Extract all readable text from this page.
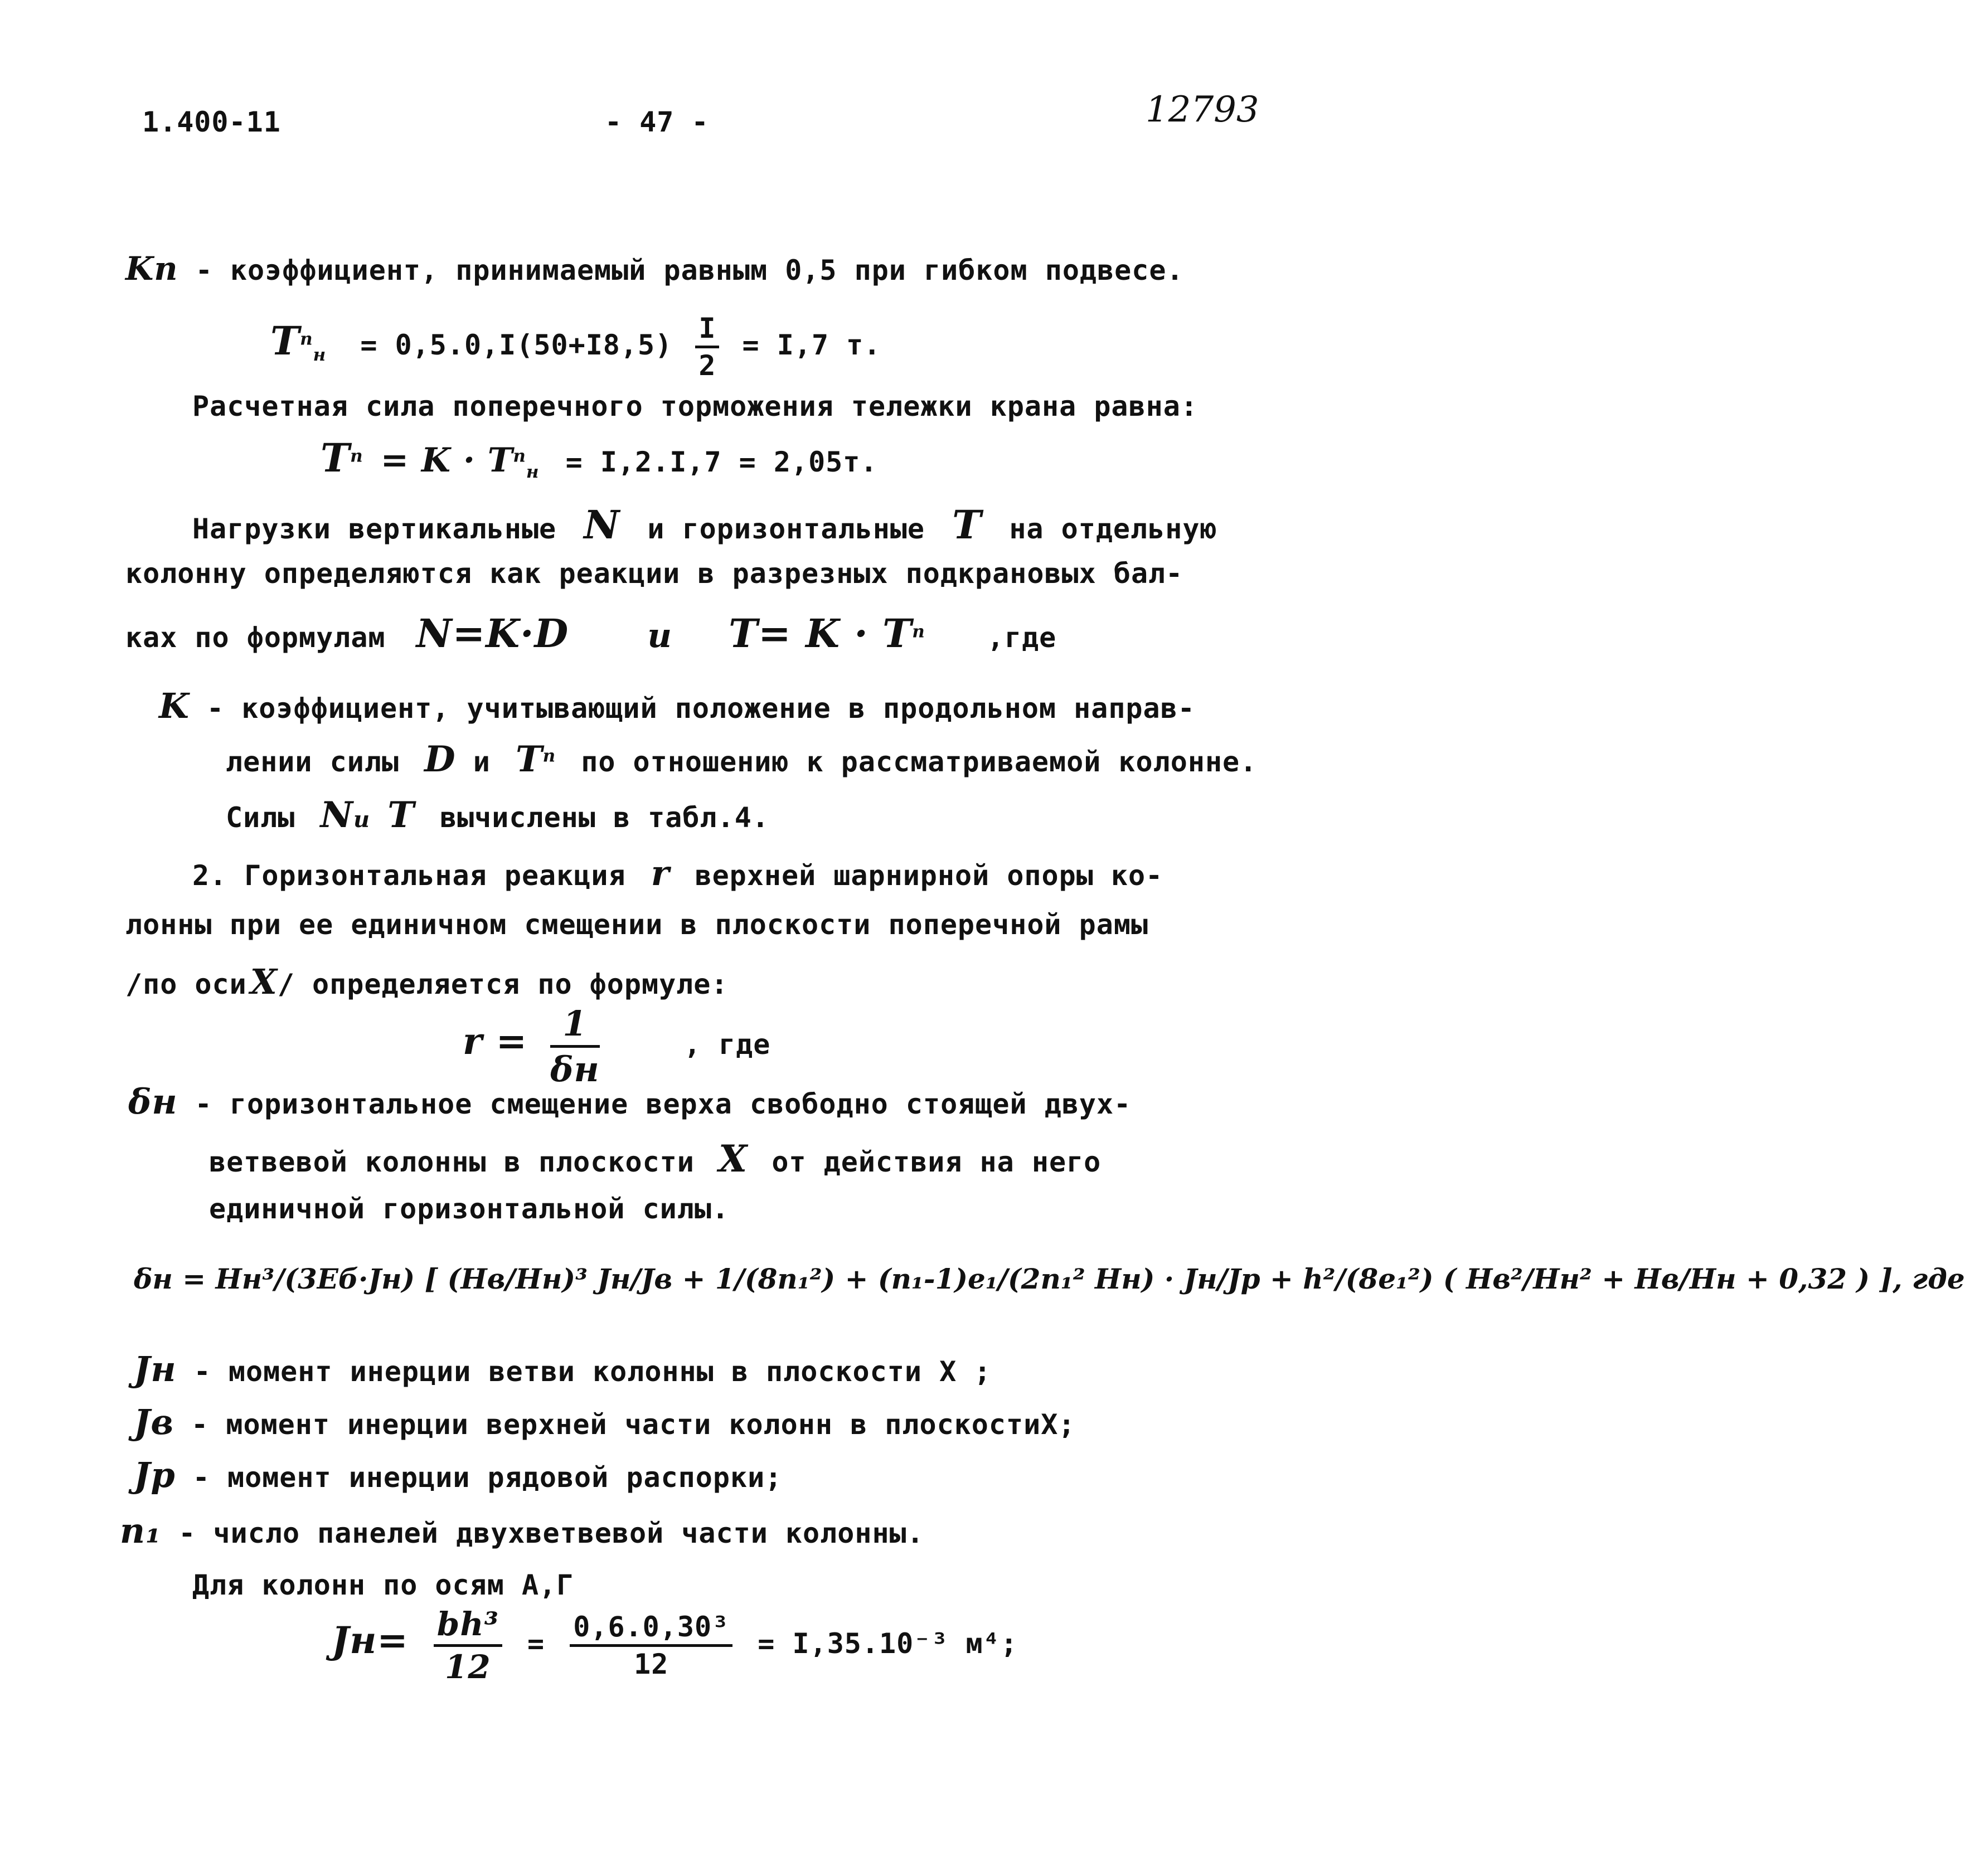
1.400-11	- 47 -	12793
Kп - коэффициент, принимаемый равным 0,5 при гибком подвесе.
$T^п_н = 0,5.0,I(50+I8,5) \frac{I}{2} = I,7$ т.
Расчетная сила поперечного торможения тележки крана равна:
$T^п = K \cdot T^п_н = I,2.I,7 = 2,05т$.
Нагрузки вертикальные N и горизонтальные T на отдельную
колонну определяются как реакции в разрезных подкрановых бал-
ках по формулам N=K·D и $T= K \cdot T^п$ ,где
K - коэффициент, учитывающий положение в продольном направ-
лении силы D и $T^п$ по отношению к рассматриваемой колонне.
Силы Nи T вычислены в табл.4.
2. Горизонтальная реакция r верхней шарнирной опоры ко-
лонны при ее единичном смещении в плоскости поперечной рамы
/по осиX/ определяется по формуле:
$r = \frac{1}{\delta н}$	, где
δн - горизонтальное смещение верха свободно стоящей двух-
ветвевой колонны в плоскости X от действия на него
единичной горизонтальной силы.
δн = Hн³/(3Eб·Jн) [ (Hв/Hн)³ Jн/Jв + 1/(8n₁²) + (n₁-1)e₁/(2n₁² Hн) · Jн/Jр + h²/(8e₁²) ( Hв²/Hн² + Hв/Hн + 0,32 ) ], где
Jн - момент инерции ветви колонны в плоскости X ;
Jв - момент инерции верхней части колонн в плоскостиX;
Jр - момент инерции рядовой распорки;
n₁ - число панелей двухветвевой части колонны.
Для колонн по осям А,Г
$Jн= \frac{\text{bh³}}{12} = \frac{\text{0,6.0,30³}}{12} = I,35.10^{-3}$ м⁴;
